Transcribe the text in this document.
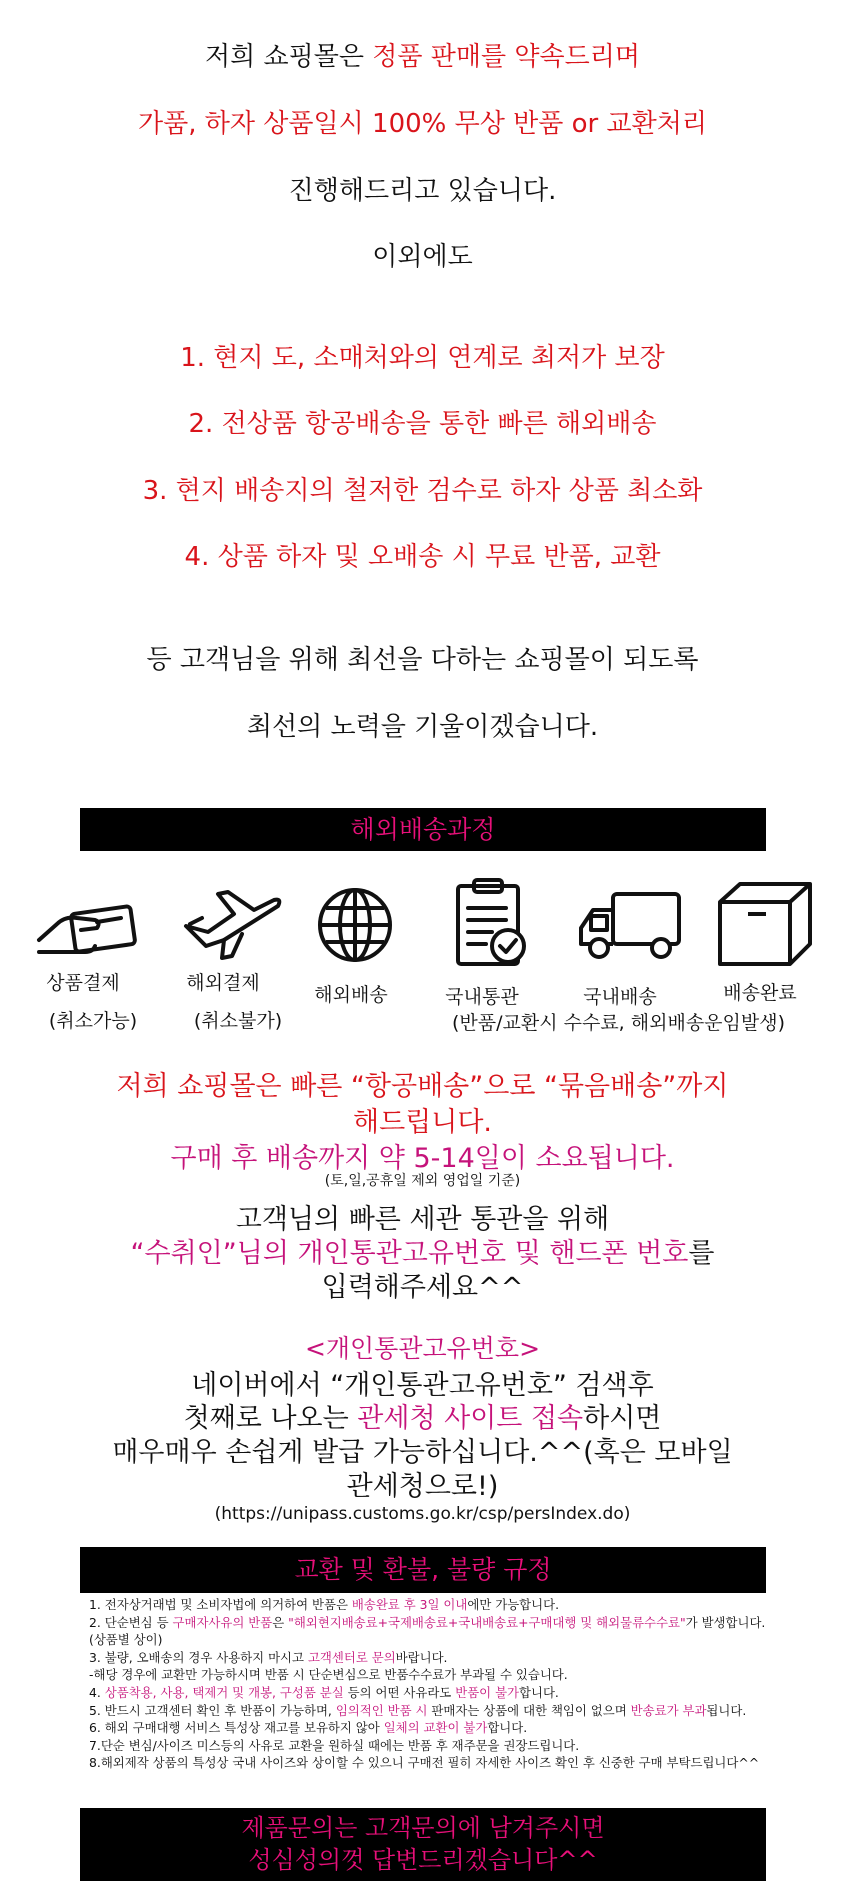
저희 쇼핑몰은 정품 판매를 약속드리며
가품, 하자 상품일시 100% 무상 반품 or 교환처리
진행해드리고 있습니다.
이외에도
1. 현지 도, 소매처와의 연계로 최저가 보장
2. 전상품 항공배송을 통한 빠른 해외배송
3. 현지 배송지의 철저한 검수로 하자 상품 최소화
4. 상품 하자 및 오배송 시 무료 반품, 교환
등 고객님을 위해 최선을 다하는 쇼핑몰이 되도록
최선의 노력을 기울이겠습니다.
해외배송과정
상품결제
(취소가능)
해외결제
(취소불가)
해외배송	국내통관	국내배송	배송완료
(반품/교환시 수수료, 해외배송운임발생)
저희 쇼핑몰은 빠른 “항공배송”으로 “묶음배송”까지
해드립니다.
구매 후 배송까지 약 5-14일이 소요됩니다.
(토,일,공휴일 제외 영업일 기준)
고객님의 빠른 세관 통관을 위해
“수취인”님의 개인통관고유번호 및 핸드폰 번호를
입력해주세요^^
<개인통관고유번호>
네이버에서 “개인통관고유번호” 검색후
첫째로 나오는 관세청 사이트 접속하시면
매우매우 손쉽게 발급 가능하십니다.^^(혹은 모바일
관세청으로!)
(https://unipass.customs.go.kr/csp/persIndex.do)
교환 및 환불, 불량 규정
1. 전자상거래법 및 소비자법에 의거하여 반품은 배송완료 후 3일 이내에만 가능합니다.
2. 단순변심 등 구매자사유의 반품은 "해외현지배송료+국제배송료+국내배송료+구매대행 및 해외물류수수료"가 발생합니다.(상품별 상이)
3. 불량, 오배송의 경우 사용하지 마시고 고객센터로 문의바랍니다.
-해당 경우에 교환만 가능하시며 반품 시 단순변심으로 반품수수료가 부과될 수 있습니다.
4. 상품착용, 사용, 택제거 및 개봉, 구성품 분실 등의 어떤 사유라도 반품이 불가합니다.
5. 반드시 고객센터 확인 후 반품이 가능하며, 임의적인 반품 시 판매자는 상품에 대한 책임이 없으며 반송료가 부과됩니다.
6. 해외 구매대행 서비스 특성상 재고를 보유하지 않아 일체의 교환이 불가합니다.
7.단순 변심/사이즈 미스등의 사유로 교환을 원하실 때에는 반품 후 재주문을 권장드립니다.
8.해외제작 상품의 특성상 국내 사이즈와 상이할 수 있으니 구매전 필히 자세한 사이즈 확인 후 신중한 구매 부탁드립니다^^
제품문의는 고객문의에 남겨주시면
성심성의껏 답변드리겠습니다^^
